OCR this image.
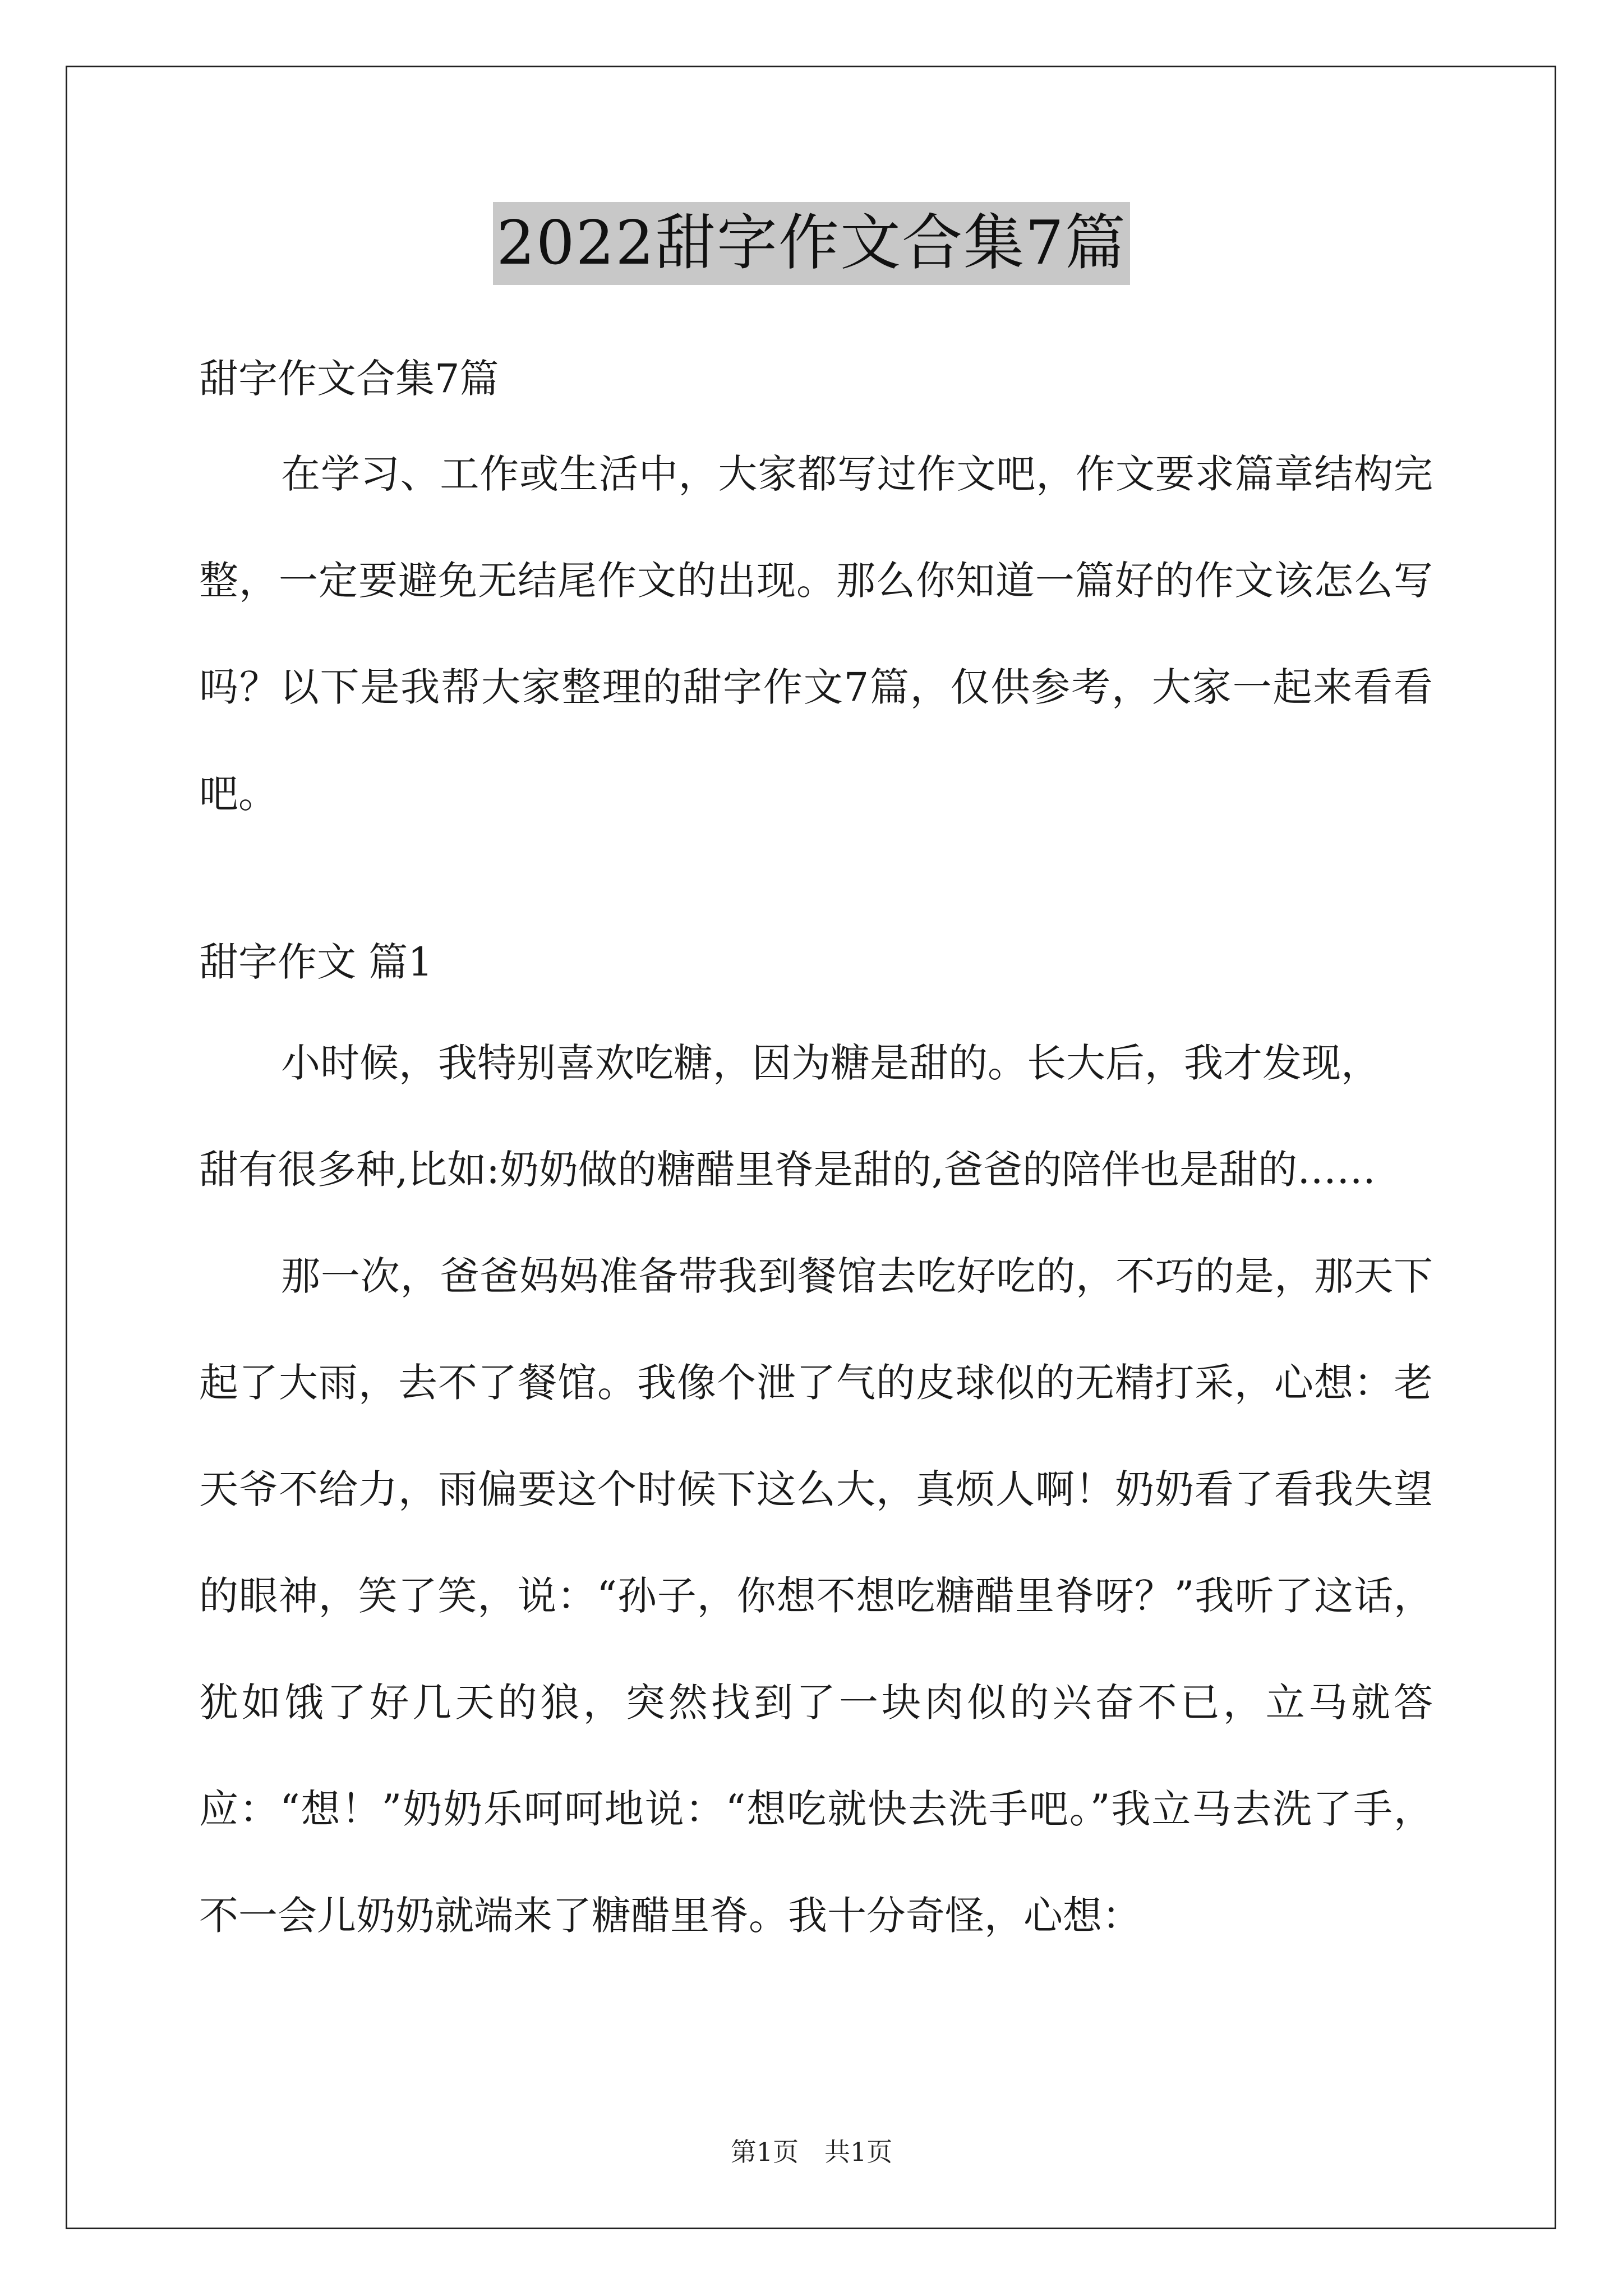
2022甜字作文合集7篇

甜字作文合集7篇

在学习、工作或生活中，大家都写过作文吧，作文要求篇章结构完整，一定要避免无结尾作文的出现。那么你知道一篇好的作文该怎么写吗？以下是我帮大家整理的甜字作文7篇，仅供参考，大家一起来看看吧。

甜字作文 篇1

小时候，我特别喜欢吃糖，因为糖是甜的。长大后，我才发现，

甜有很多种,比如:奶奶做的糖醋里脊是甜的,爸爸的陪伴也是甜的……

那一次，爸爸妈妈准备带我到餐馆去吃好吃的，不巧的是，那天下起了大雨，去不了餐馆。我像个泄了气的皮球似的无精打采，心想：老天爷不给力，雨偏要这个时候下这么大，真烦人啊！奶奶看了看我失望的眼神，笑了笑，说：“孙子，你想不想吃糖醋里脊呀？”我听了这话，犹如饿了好几天的狼，突然找到了一块肉似的兴奋不已，立马就答应：“想！”奶奶乐呵呵地说：“想吃就快去洗手吧。”我立马去洗了手，不一会儿奶奶就端来了糖醋里脊。我十分奇怪，心想：

第1页　共1页
